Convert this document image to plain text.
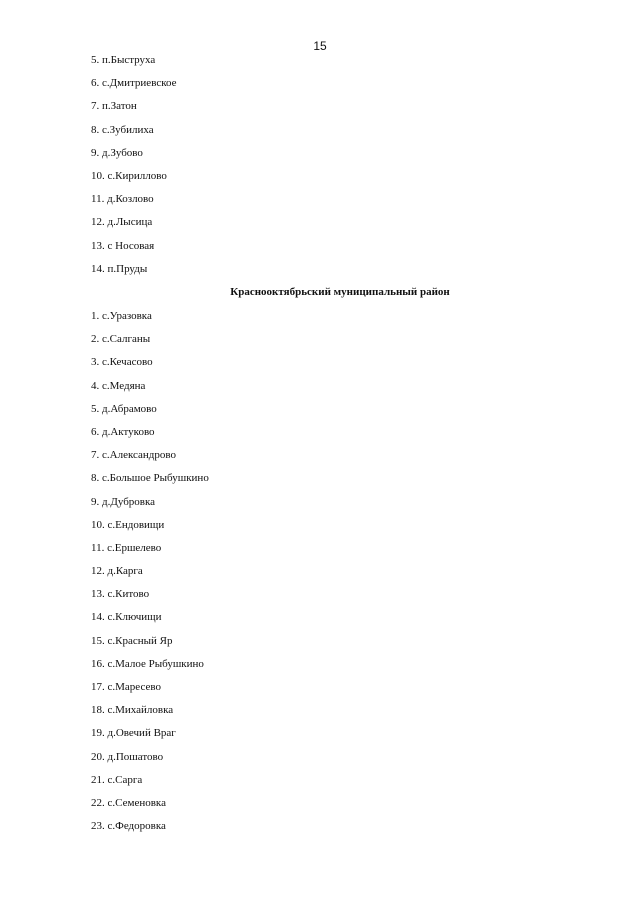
15
5. п.Быструха
6. с.Дмитриевское
7. п.Затон
8. с.Зубилиха
9. д.Зубово
10. с.Кириллово
11. д.Козлово
12. д.Лысица
13. с Носовая
14. п.Пруды
Краснооктябрьский муниципальный район
1. с.Уразовка
2. с.Салганы
3. с.Кечасово
4. с.Медяна
5. д.Абрамово
6. д.Актуково
7. с.Александрово
8. с.Большое Рыбушкино
9. д.Дубровка
10. с.Ендовищи
11. с.Ершелево
12. д.Карга
13. с.Китово
14. с.Ключищи
15. с.Красный Яр
16. с.Малое Рыбушкино
17. с.Маресево
18. с.Михайловка
19. д.Овечий Враг
20. д.Пошатово
21. с.Сарга
22. с.Семеновка
23. с.Федоровка
